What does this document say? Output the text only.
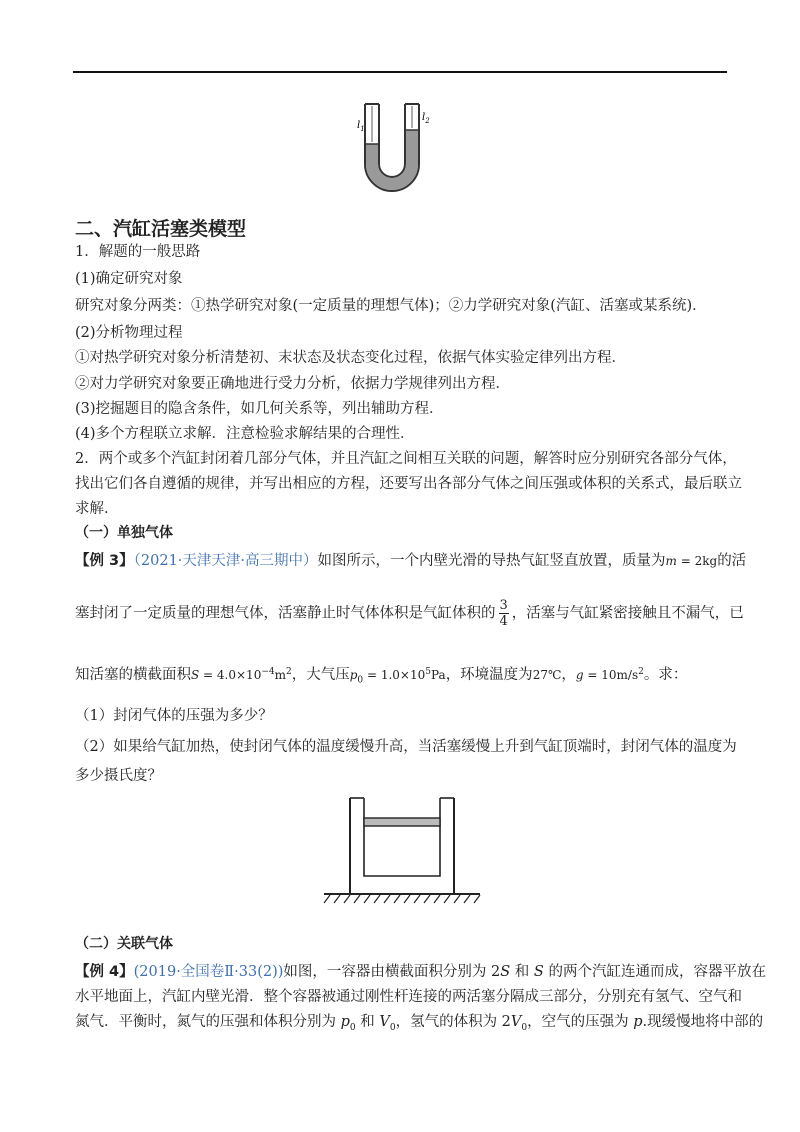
$l_1$
$l_2$
二、汽缸活塞类模型
1．解题的一般思路
(1)确定研究对象
研究对象分两类：①热学研究对象(一定质量的理想气体)；②力学研究对象(汽缸、活塞或某系统)．
(2)分析物理过程
①对热学研究对象分析清楚初、末状态及状态变化过程，依据气体实验定律列出方程．
②对力学研究对象要正确地进行受力分析，依据力学规律列出方程．
(3)挖掘题目的隐含条件，如几何关系等，列出辅助方程．
(4)多个方程联立求解．注意检验求解结果的合理性．
2．两个或多个汽缸封闭着几部分气体，并且汽缸之间相互关联的问题，解答时应分别研究各部分气体，
找出它们各自遵循的规律，并写出相应的方程，还要写出各部分气体之间压强或体积的关系式，最后联立
求解．
（一）单独气体
【例 3】（2021·天津天津·高三期中）如图所示，一个内壁光滑的导热气缸竖直放置，质量为m = 2kg的活
塞封闭了一定质量的理想气体，活塞静止时气体体积是气缸体积的 $\frac{3}{4}$ ，活塞与气缸紧密接触且不漏气，已
知活塞的横截面积$S = 4.0\times 10^{-4}m^2$，大气压$p_0 = 1.0\times 10^5Pa$，环境温度为27℃，$g = 10m/s^2$。求：
（1）封闭气体的压强为多少？
（2）如果给气缸加热，使封闭气体的温度缓慢升高，当活塞缓慢上升到气缸顶端时，封闭气体的温度为
多少摄氏度？
（二）关联气体
【例 4】(2019·全国卷Ⅱ·33(2))如图，一容器由横截面积分别为 2S 和 S 的两个汽缸连通而成，容器平放在
水平地面上，汽缸内壁光滑．整个容器被通过刚性杆连接的两活塞分隔成三部分，分别充有氢气、空气和
氮气．平衡时，氮气的压强和体积分别为 $p_0$ 和 $V_0$，氢气的体积为 $2V_0$，空气的压强为 p.现缓慢地将中部的
